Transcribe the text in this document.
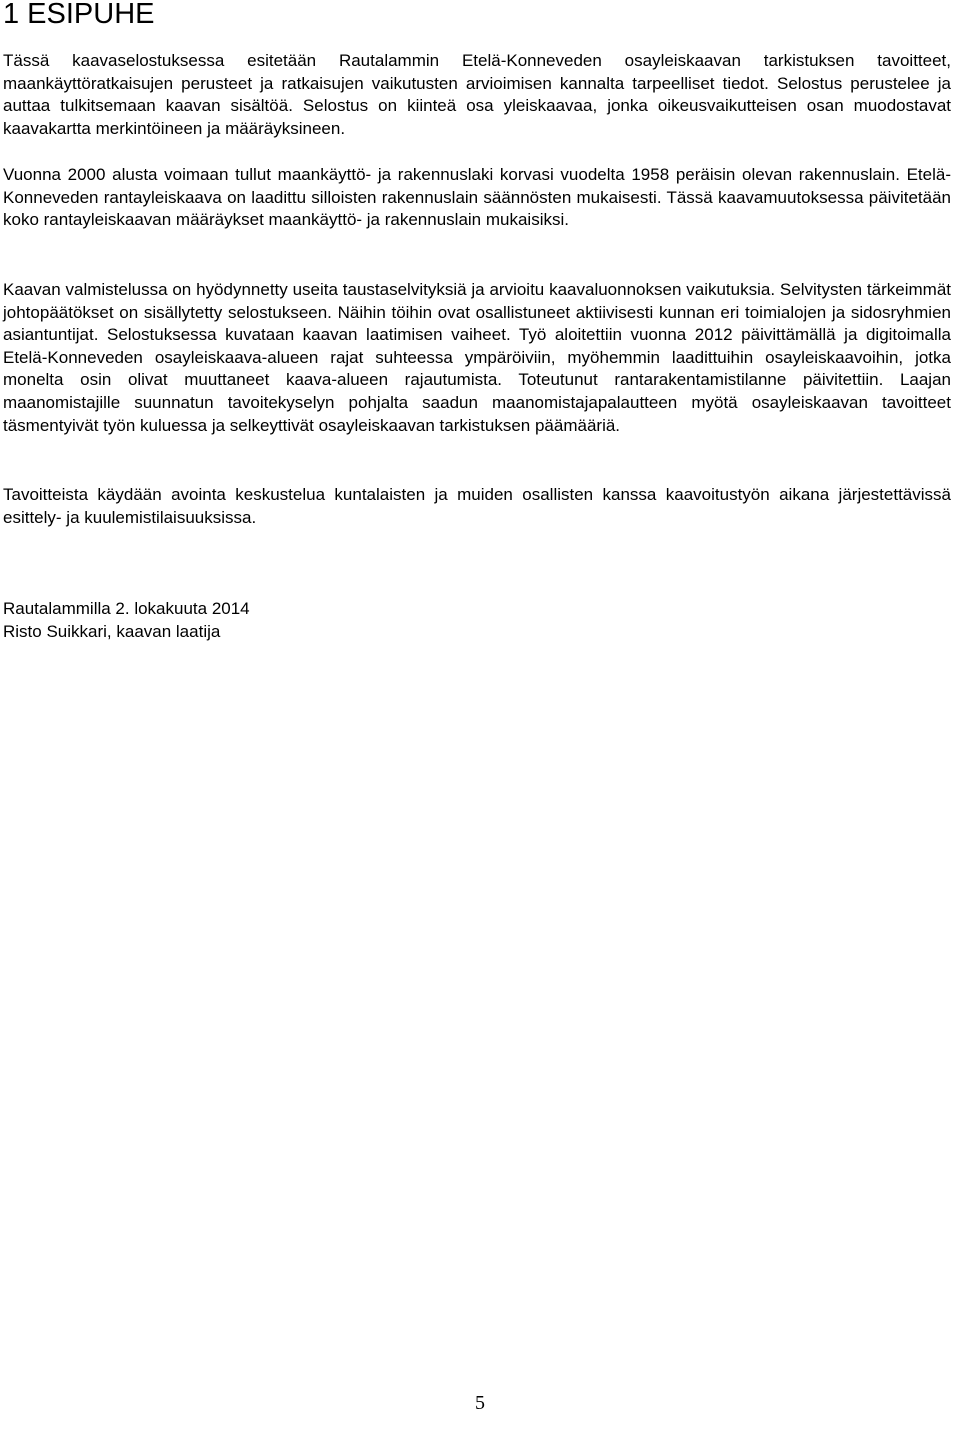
1 ESIPUHE

Tässä kaavaselostuksessa esitetään Rautalammin Etelä-Konneveden osayleiskaavan tarkistuksen tavoitteet, maankäyttöratkaisujen perusteet ja ratkaisujen vaikutusten arvioimisen kannalta tarpeelliset tiedot. Selostus perustelee ja auttaa tulkitsemaan kaavan sisältöä. Selostus on kiinteä osa yleiskaavaa, jonka oikeusvaikutteisen osan muodostavat kaavakartta merkintöineen ja määräyksineen.

Vuonna 2000 alusta voimaan tullut maankäyttö- ja rakennuslaki korvasi vuodelta 1958 peräisin olevan rakennuslain. Etelä-Konneveden rantayleiskaava on laadittu silloisten rakennuslain säännösten mukaisesti. Tässä kaavamuutoksessa päivitetään koko rantayleiskaavan määräykset maankäyttö- ja rakennuslain mukaisiksi.

Kaavan valmistelussa on hyödynnetty useita taustaselvityksiä ja arvioitu kaavaluonnoksen vaikutuksia. Selvitysten tärkeimmät johtopäätökset on sisällytetty selostukseen. Näihin töihin ovat osallistuneet aktiivisesti kunnan eri toimialojen ja sidosryhmien asiantuntijat. Selostuksessa kuvataan kaavan laatimisen vaiheet. Työ aloitettiin vuonna 2012 päivittämällä ja digitoimalla Etelä-Konneveden osayleiskaava-alueen rajat suhteessa ympäröiviin, myöhemmin laadittuihin osayleiskaavoihin, jotka monelta osin olivat muuttaneet kaava-alueen rajautumista. Toteutunut rantarakentamistilanne päivitettiin. Laajan maanomistajille suunnatun tavoitekyselyn pohjalta saadun maanomistajapalautteen myötä osayleiskaavan tavoitteet täsmentyivät työn kuluessa ja selkeyttivät osayleiskaavan tarkistuksen päämääriä.

Tavoitteista käydään avointa keskustelua kuntalaisten ja muiden osallisten kanssa kaavoitustyön aikana järjestettävissä esittely- ja kuulemistilaisuuksissa.

Rautalammilla 2. lokakuuta 2014

Risto Suikkari, kaavan laatija

5
